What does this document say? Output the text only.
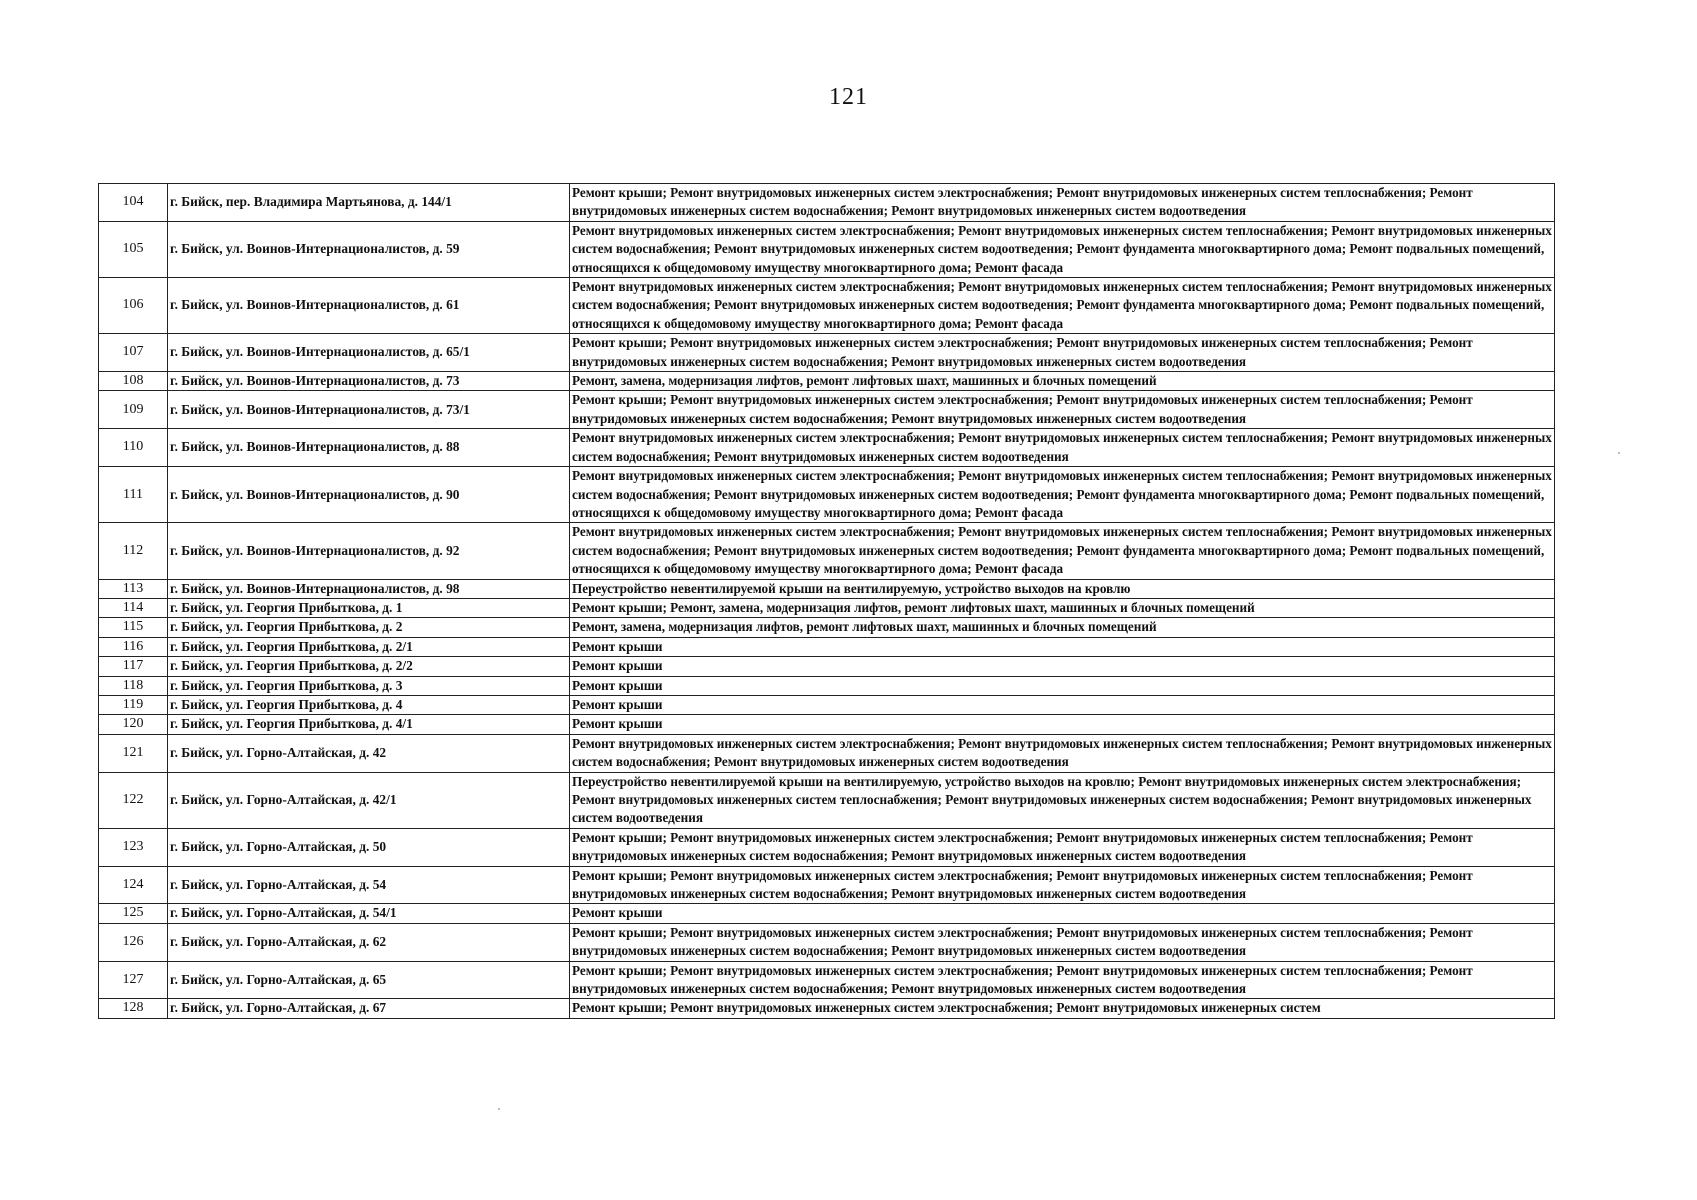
121
104	г. Бийск, пер. Владимира Мартьянова, д. 144/1	Ремонт крыши; Ремонт внутридомовых инженерных систем электроснабжения; Ремонт внутридомовых инженерных систем теплоснабжения; Ремонт внутридомовых инженерных систем водоснабжения; Ремонт внутридомовых инженерных систем водоотведения
105	г. Бийск, ул. Воинов-Интернационалистов, д. 59	Ремонт внутридомовых инженерных систем электроснабжения; Ремонт внутридомовых инженерных систем теплоснабжения; Ремонт внутридомовых инженерных систем водоснабжения; Ремонт внутридомовых инженерных систем водоотведения; Ремонт фундамента многоквартирного дома; Ремонт подвальных помещений, относящихся к общедомовому имуществу многоквартирного дома; Ремонт фасада
106	г. Бийск, ул. Воинов-Интернационалистов, д. 61	Ремонт внутридомовых инженерных систем электроснабжения; Ремонт внутридомовых инженерных систем теплоснабжения; Ремонт внутридомовых инженерных систем водоснабжения; Ремонт внутридомовых инженерных систем водоотведения; Ремонт фундамента многоквартирного дома; Ремонт подвальных помещений, относящихся к общедомовому имуществу многоквартирного дома; Ремонт фасада
107	г. Бийск, ул. Воинов-Интернационалистов, д. 65/1	Ремонт крыши; Ремонт внутридомовых инженерных систем электроснабжения; Ремонт внутридомовых инженерных систем теплоснабжения; Ремонт внутридомовых инженерных систем водоснабжения; Ремонт внутридомовых инженерных систем водоотведения
108	г. Бийск, ул. Воинов-Интернационалистов, д. 73	Ремонт, замена, модернизация лифтов, ремонт лифтовых шахт, машинных и блочных помещений
109	г. Бийск, ул. Воинов-Интернационалистов, д. 73/1	Ремонт крыши; Ремонт внутридомовых инженерных систем электроснабжения; Ремонт внутридомовых инженерных систем теплоснабжения; Ремонт внутридомовых инженерных систем водоснабжения; Ремонт внутридомовых инженерных систем водоотведения
110	г. Бийск, ул. Воинов-Интернационалистов, д. 88	Ремонт внутридомовых инженерных систем электроснабжения; Ремонт внутридомовых инженерных систем теплоснабжения; Ремонт внутридомовых инженерных систем водоснабжения; Ремонт внутридомовых инженерных систем водоотведения
111	г. Бийск, ул. Воинов-Интернационалистов, д. 90	Ремонт внутридомовых инженерных систем электроснабжения; Ремонт внутридомовых инженерных систем теплоснабжения; Ремонт внутридомовых инженерных систем водоснабжения; Ремонт внутридомовых инженерных систем водоотведения; Ремонт фундамента многоквартирного дома; Ремонт подвальных помещений, относящихся к общедомовому имуществу многоквартирного дома; Ремонт фасада
112	г. Бийск, ул. Воинов-Интернационалистов, д. 92	Ремонт внутридомовых инженерных систем электроснабжения; Ремонт внутридомовых инженерных систем теплоснабжения; Ремонт внутридомовых инженерных систем водоснабжения; Ремонт внутридомовых инженерных систем водоотведения; Ремонт фундамента многоквартирного дома; Ремонт подвальных помещений, относящихся к общедомовому имуществу многоквартирного дома; Ремонт фасада
113	г. Бийск, ул. Воинов-Интернационалистов, д. 98	Переустройство невентилируемой крыши на вентилируемую, устройство выходов на кровлю
114	г. Бийск, ул. Георгия Прибыткова, д. 1	Ремонт крыши; Ремонт, замена, модернизация лифтов, ремонт лифтовых шахт, машинных и блочных помещений
115	г. Бийск, ул. Георгия Прибыткова, д. 2	Ремонт, замена, модернизация лифтов, ремонт лифтовых шахт, машинных и блочных помещений
116	г. Бийск, ул. Георгия Прибыткова, д. 2/1	Ремонт крыши
117	г. Бийск, ул. Георгия Прибыткова, д. 2/2	Ремонт крыши
118	г. Бийск, ул. Георгия Прибыткова, д. 3	Ремонт крыши
119	г. Бийск, ул. Георгия Прибыткова, д. 4	Ремонт крыши
120	г. Бийск, ул. Георгия Прибыткова, д. 4/1	Ремонт крыши
121	г. Бийск, ул. Горно-Алтайская, д. 42	Ремонт внутридомовых инженерных систем электроснабжения; Ремонт внутридомовых инженерных систем теплоснабжения; Ремонт внутридомовых инженерных систем водоснабжения; Ремонт внутридомовых инженерных систем водоотведения
122	г. Бийск, ул. Горно-Алтайская, д. 42/1	Переустройство невентилируемой крыши на вентилируемую, устройство выходов на кровлю; Ремонт внутридомовых инженерных систем электроснабжения; Ремонт внутридомовых инженерных систем теплоснабжения; Ремонт внутридомовых инженерных систем водоснабжения; Ремонт внутридомовых инженерных систем водоотведения
123	г. Бийск, ул. Горно-Алтайская, д. 50	Ремонт крыши; Ремонт внутридомовых инженерных систем электроснабжения; Ремонт внутридомовых инженерных систем теплоснабжения; Ремонт внутридомовых инженерных систем водоснабжения; Ремонт внутридомовых инженерных систем водоотведения
124	г. Бийск, ул. Горно-Алтайская, д. 54	Ремонт крыши; Ремонт внутридомовых инженерных систем электроснабжения; Ремонт внутридомовых инженерных систем теплоснабжения; Ремонт внутридомовых инженерных систем водоснабжения; Ремонт внутридомовых инженерных систем водоотведения
125	г. Бийск, ул. Горно-Алтайская, д. 54/1	Ремонт крыши
126	г. Бийск, ул. Горно-Алтайская, д. 62	Ремонт крыши; Ремонт внутридомовых инженерных систем электроснабжения; Ремонт внутридомовых инженерных систем теплоснабжения; Ремонт внутридомовых инженерных систем водоснабжения; Ремонт внутридомовых инженерных систем водоотведения
127	г. Бийск, ул. Горно-Алтайская, д. 65	Ремонт крыши; Ремонт внутридомовых инженерных систем электроснабжения; Ремонт внутридомовых инженерных систем теплоснабжения; Ремонт внутридомовых инженерных систем водоснабжения; Ремонт внутридомовых инженерных систем водоотведения
128	г. Бийск, ул. Горно-Алтайская, д. 67	Ремонт крыши; Ремонт внутридомовых инженерных систем электроснабжения; Ремонт внутридомовых инженерных систем
